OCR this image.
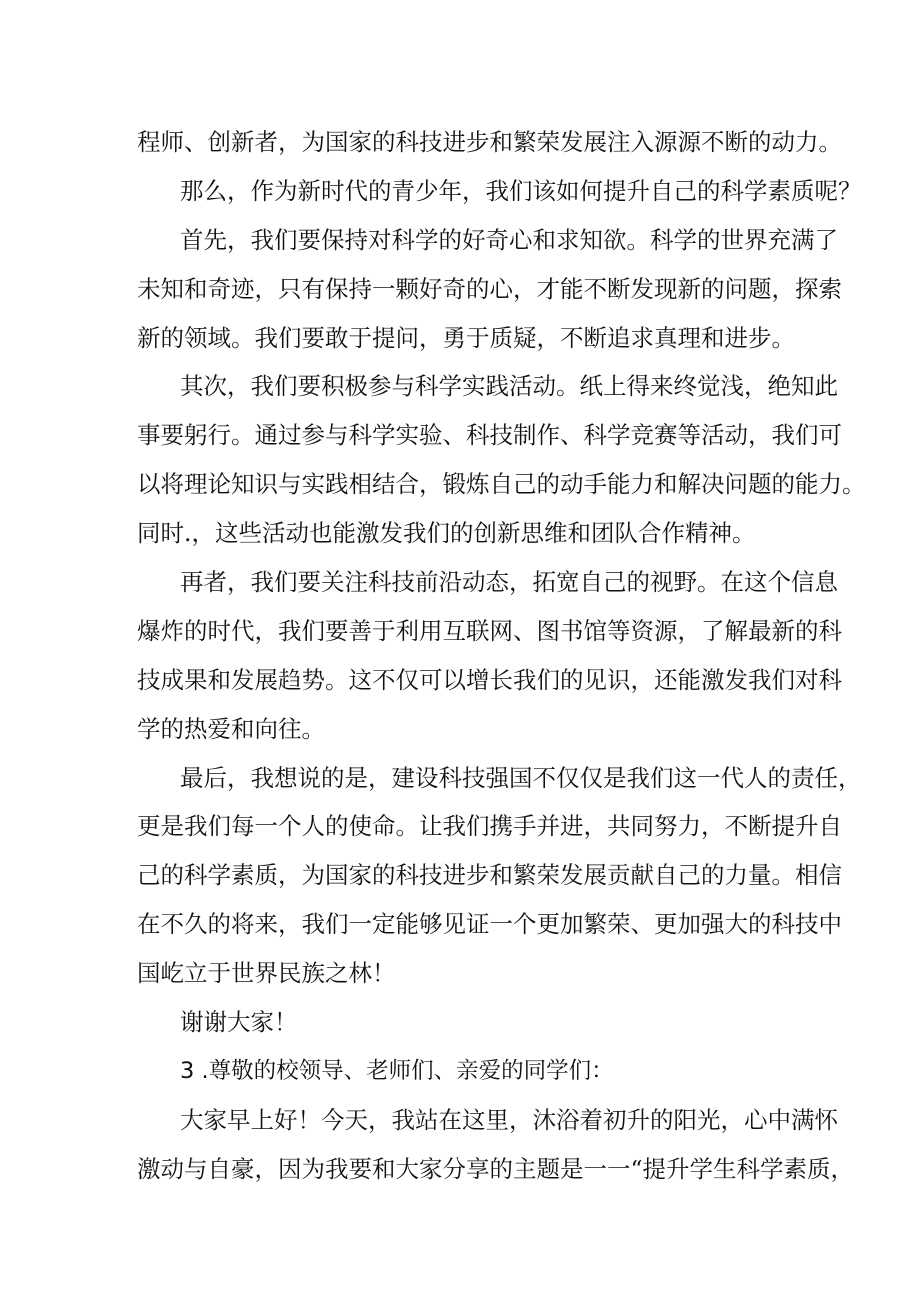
程师、创新者，为国家的科技进步和繁荣发展注入源源不断的动力。
那么，作为新时代的青少年，我们该如何提升自己的科学素质呢？
首先，我们要保持对科学的好奇心和求知欲。科学的世界充满了
未知和奇迹，只有保持一颗好奇的心，才能不断发现新的问题，探索
新的领域。我们要敢于提问，勇于质疑，不断追求真理和进步。
其次，我们要积极参与科学实践活动。纸上得来终觉浅，绝知此
事要躬行。通过参与科学实验、科技制作、科学竞赛等活动，我们可
以将理论知识与实践相结合，锻炼自己的动手能力和解决问题的能力。
同时.，这些活动也能激发我们的创新思维和团队合作精神。
再者，我们要关注科技前沿动态，拓宽自己的视野。在这个信息
爆炸的时代，我们要善于利用互联网、图书馆等资源，了解最新的科
技成果和发展趋势。这不仅可以增长我们的见识，还能激发我们对科
学的热爱和向往。
最后，我想说的是，建设科技强国不仅仅是我们这一代人的责任，
更是我们每一个人的使命。让我们携手并进，共同努力，不断提升自
己的科学素质，为国家的科技进步和繁荣发展贡献自己的力量。相信
在不久的将来，我们一定能够见证一个更加繁荣、更加强大的科技中
国屹立于世界民族之林！
谢谢大家！
3 .尊敬的校领导、老师们、亲爱的同学们：
大家早上好！今天，我站在这里，沐浴着初升的阳光，心中满怀
激动与自豪，因为我要和大家分享的主题是一一“提升学生科学素质，
